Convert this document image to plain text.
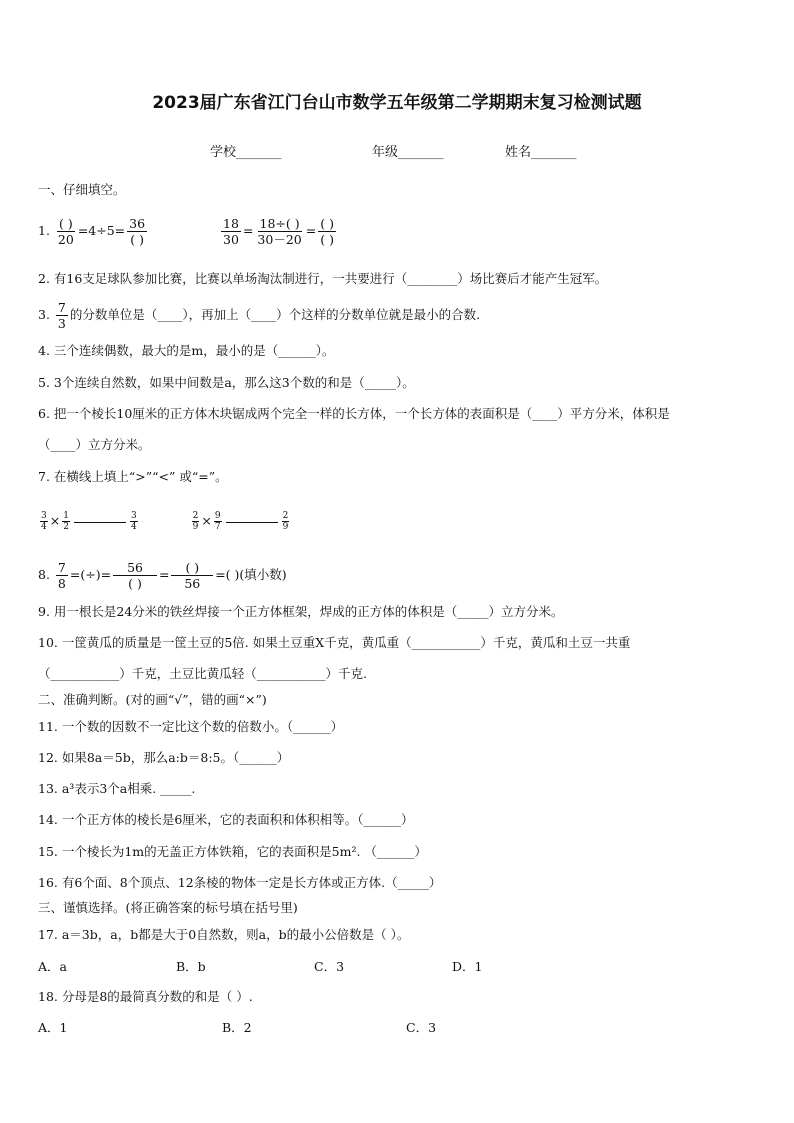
2023届广东省江门台山市数学五年级第二学期期末复习检测试题
学校_______	年级_______	姓名_______
一、仔细填空。
1. $\frac{( )}{20} =4\div 5= \frac{36}{( )}$
	$\frac{18}{30} = \frac{18\div( )}{30-20} = \frac{( )}{( )}$
2. 有16支足球队参加比赛，比赛以单场淘汰制进行，一共要进行（________）场比赛后才能产生冠军。
3. $\frac{7}{3}$ 的分数单位是（____），再加上（____）个这样的分数单位就是最小的合数.
4. 三个连续偶数，最大的是m，最小的是（______）。
5. 3个连续自然数，如果中间数是a，那么这3个数的和是（_____）。
6. 把一个棱长10厘米的正方体木块锯成两个完全一样的长方体，一个长方体的表面积是（____）平方分米，体积是
（____）立方分米。
7. 在横线上填上“>”“<” 或“=”。
$\frac{3}{4} \times \frac{1}{2}$	$\frac{3}{4}$
	$\frac{2}{9} \times \frac{9}{7}$	$\frac{2}{9}$
8. $\frac{7}{8}$ =(÷)= $\frac{56}{( )} = \frac{( )}{56}$ =( )(填小数)
9. 用一根长是24分米的铁丝焊接一个正方体框架，焊成的正方体的体积是（_____）立方分米。
10. 一筐黄瓜的质量是一筐土豆的5倍. 如果土豆重X千克，黄瓜重（___________）千克，黄瓜和土豆一共重
（___________）千克，土豆比黄瓜轻（___________）千克.
二、准确判断。(对的画“√”，错的画“×”)
11. 一个数的因数不一定比这个数的倍数小。（______）
12. 如果8a＝5b，那么a:b＝8:5。（______）
13. a³表示3个a相乘. _____.
14. 一个正方体的棱长是6厘米，它的表面积和体积相等。（______）
15. 一个棱长为1m的无盖正方体铁箱，它的表面积是5m². （______）
16. 有6个面、8个顶点、12条棱的物体一定是长方体或正方体.（_____）
三、谨慎选择。(将正确答案的标号填在括号里)
17. a＝3b，a，b都是大于0自然数，则a，b的最小公倍数是（ ）。
A．a	B．b	C．3	D．1
18. 分母是8的最简真分数的和是（ ）.
A．1	B．2	C．3
